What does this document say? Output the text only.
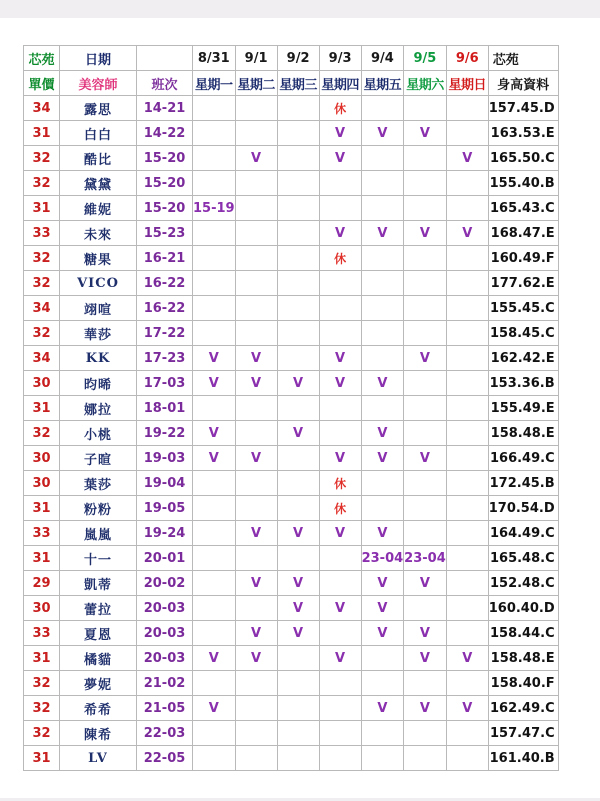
芯苑	日期		8/31	9/1	9/2	9/3	9/4	9/5	9/6	芯苑
單價	美容師	班次	星期一	星期二	星期三	星期四	星期五	星期六	星期日	身高資料
34	露思	14-21				休				157.45.D
31	白白	14-22				V	V	V		163.53.E
32	酷比	15-20		V		V			V	165.50.C
32	黛黛	15-20								155.40.B
31	維妮	15-20	15-19							165.43.C
33	未來	15-23				V	V	V	V	168.47.E
32	糖果	16-21				休				160.49.F
32	VICO	16-22								177.62.E
34	翊喧	16-22								155.45.C
32	華莎	17-22								158.45.C
34	KK	17-23	V	V		V		V		162.42.E
30	昀晞	17-03	V	V	V	V	V			153.36.B
31	娜拉	18-01								155.49.E
32	小桃	19-22	V		V		V			158.48.E
30	子暄	19-03	V	V		V	V	V		166.49.C
30	葉莎	19-04				休				172.45.B
31	粉粉	19-05				休				170.54.D
33	嵐嵐	19-24		V	V	V	V			164.49.C
31	十一	20-01					23-04	23-04		165.48.C
29	凱蒂	20-02		V	V		V	V		152.48.C
30	蕾拉	20-03			V	V	V			160.40.D
33	夏恩	20-03		V	V		V	V		158.44.C
31	橘貓	20-03	V	V		V		V	V	158.48.E
32	夢妮	21-02								158.40.F
32	希希	21-05	V				V	V	V	162.49.C
32	陳希	22-03								157.47.C
31	LV	22-05								161.40.B
